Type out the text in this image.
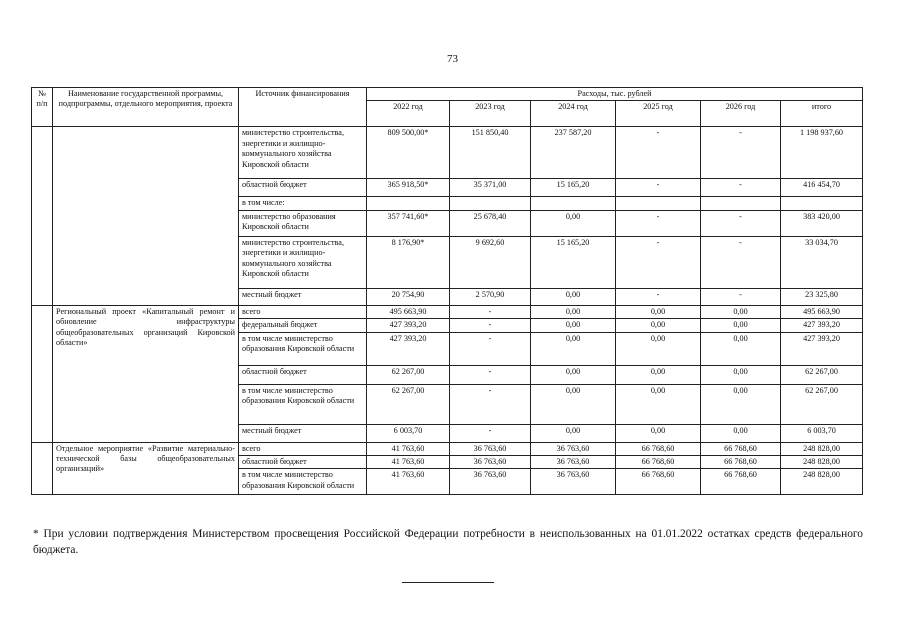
73
№ п/п	Наименование государственной программы, подпрограммы, отдельного мероприятия, проекта	Источник финансирования	Расходы, тыс. рублей					
			2022 год	2023 год	2024 год	2025 год	2026 год	итого
		министерство строительства, энергетики и жилищно-коммунального хозяйства Кировской области	809 500,00*	151 850,40	237 587,20	-	-	1 198 937,60
		областной бюджет	365 918,50*	35 371,00	15 165,20	-	-	416 454,70
		в том числе:						
		министерство образования Кировской области	357 741,60*	25 678,40	0,00	-	-	383 420,00
		министерство строительства, энергетики и жилищно-коммунального хозяйства Кировской области	8 176,90*	9 692,60	15 165,20	-	-	33 034,70
		местный бюджет	20 754,90	2 570,90	0,00	-	-	23 325,80
	Региональный проект «Капитальный ремонт и обновление инфраструктуры общеобразовательных организаций Кировской области»	всего	495 663,90	-	0,00	0,00	0,00	495 663,90
		федеральный бюджет	427 393,20	-	0,00	0,00	0,00	427 393,20
		в том числе министерство образования Кировской области	427 393,20	-	0,00	0,00	0,00	427 393,20
		областной бюджет	62 267,00	-	0,00	0,00	0,00	62 267,00
		в том числе министерство образования Кировской области	62 267,00	-	0,00	0,00	0,00	62 267,00
		местный бюджет	6 003,70	-	0,00	0,00	0,00	6 003,70
	Отдельное мероприятие «Развитие материально-технической базы общеобразовательных организаций»	всего	41 763,60	36 763,60	36 763,60	66 768,60	66 768,60	248 828,00
		областной бюджет	41 763,60	36 763,60	36 763,60	66 768,60	66 768,60	248 828,00
		в том числе министерство образования Кировской области	41 763,60	36 763,60	36 763,60	66 768,60	66 768,60	248 828,00
* При условии подтверждения Министерством просвещения Российской Федерации потребности в неиспользованных на 01.01.2022 остатках средств федерального бюджета.
